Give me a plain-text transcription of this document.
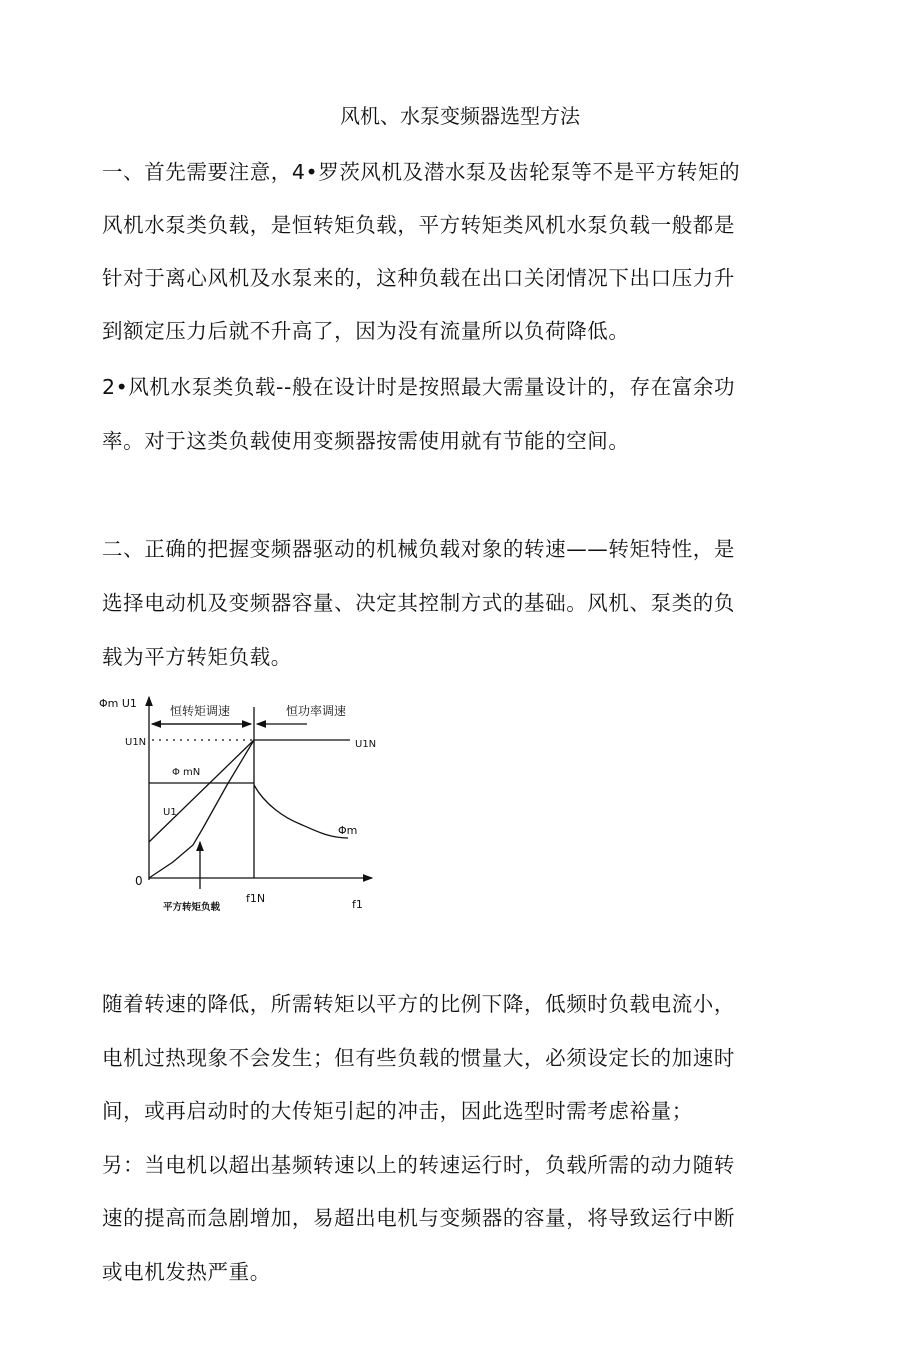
风机、水泵变频器选型方法
一、首先需要注意，4•罗茨风机及潜水泵及齿轮泵等不是平方转矩的
风机水泵类负载，是恒转矩负载，平方转矩类风机水泵负载一般都是
针对于离心风机及水泵来的，这种负载在出口关闭情况下出口压力升
到额定压力后就不升高了，因为没有流量所以负荷降低。
2•风机水泵类负载--般在设计时是按照最大需量设计的，存在富余功
率。对于这类负载使用变频器按需使用就有节能的空间。
二、正确的把握变频器驱动的机械负载对象的转速——转矩特性，是
选择电动机及变频器容量、决定其控制方式的基础。风机、泵类的负
载为平方转矩负载。
Φm U1
恒转矩调速	恒功率调速
U1N	U1N
Φ mN
U1
Φm
0
f1N	f1
平方转矩负载
随着转速的降低，所需转矩以平方的比例下降，低频时负载电流小，
电机过热现象不会发生；但有些负载的惯量大，必须设定长的加速时
间，或再启动时的大传矩引起的冲击，因此选型时需考虑裕量；
另：当电机以超出基频转速以上的转速运行时，负载所需的动力随转
速的提高而急剧增加，易超出电机与变频器的容量，将导致运行中断
或电机发热严重。
